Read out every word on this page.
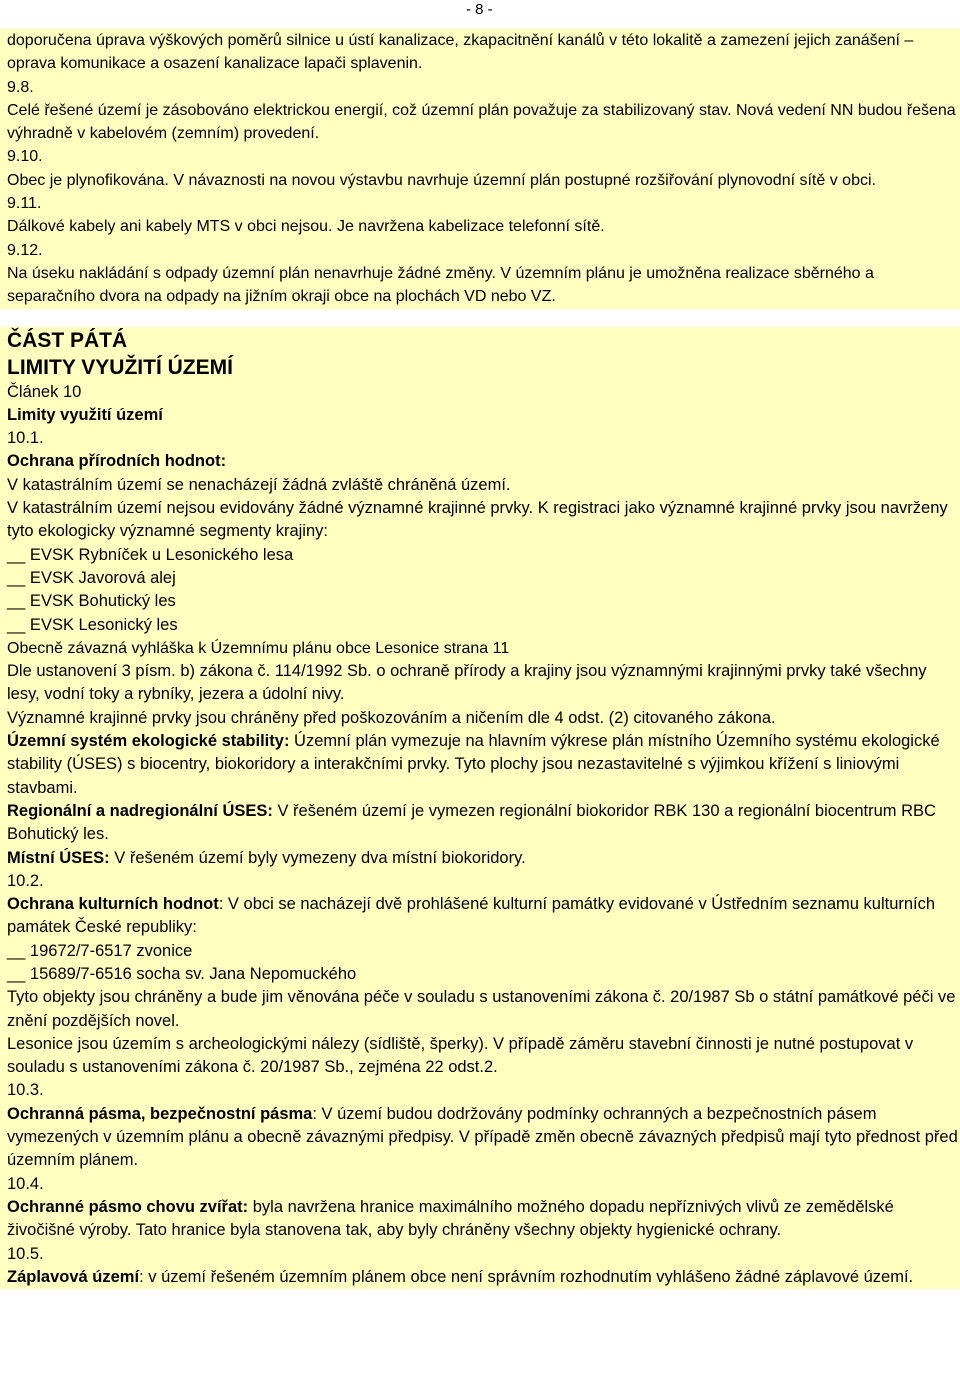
- 8 -
doporučena úprava výškových poměrů silnice u ústí kanalizace, zkapacitnění kanálů v této lokalitě a zamezení jejich zanášení – oprava komunikace a osazení kanalizace lapači splavenin.
9.8.
Celé řešené území je zásobováno elektrickou energií, což územní plán považuje za stabilizovaný stav. Nová vedení NN budou řešena výhradně v kabelovém (zemním) provedení.
9.10.
Obec je plynofikována. V návaznosti na novou výstavbu navrhuje územní plán postupné rozšiřování plynovodní sítě v obci.
9.11.
Dálkové kabely ani kabely MTS v obci nejsou. Je navržena kabelizace telefonní sítě.
9.12.
Na úseku nakládání s odpady územní plán nenavrhuje žádné změny. V územním plánu je umožněna realizace sběrného a separačního dvora na odpady na jižním okraji obce na plochách VD nebo VZ.
ČÁST PÁTÁ
LIMITY VYUŽITÍ ÚZEMÍ
Článek 10
Limity využití území
10.1.
Ochrana přírodních hodnot:
V katastrálním území se nenacházejí žádná zvláště chráněná území.
V katastrálním území nejsou evidovány žádné významné krajinné prvky. K registraci jako významné krajinné prvky jsou navrženy tyto ekologicky významné segmenty krajiny:
__ EVSK Rybníček u Lesonického lesa
__ EVSK Javorová alej
__ EVSK Bohutický les
__ EVSK Lesonický les
Obecně závazná vyhláška k Územnímu plánu obce Lesonice strana 11
Dle ustanovení 3 písm. b) zákona č. 114/1992 Sb. o ochraně přírody a krajiny jsou významnými krajinnými prvky také všechny lesy, vodní toky a rybníky, jezera a údolní nivy.
Významné krajinné prvky jsou chráněny před poškozováním a ničením dle 4 odst. (2) citovaného zákona.
Územní systém ekologické stability: Územní plán vymezuje na hlavním výkrese plán místního Územního systému ekologické stability (ÚSES) s biocentry, biokoridory a interakčními prvky. Tyto plochy jsou nezastavitelné s výjimkou křížení s liniovými stavbami.
Regionální a nadregionální ÚSES: V řešeném území je vymezen regionální biokoridor RBK 130 a regionální biocentrum RBC Bohutický les.
Místní ÚSES: V řešeném území byly vymezeny dva místní biokoridory.
10.2.
Ochrana kulturních hodnot: V obci se nacházejí dvě prohlášené kulturní památky evidované v Ústředním seznamu kulturních památek České republiky:
__ 19672/7-6517 zvonice
__ 15689/7-6516 socha sv. Jana Nepomuckého
Tyto objekty jsou chráněny a bude jim věnována péče v souladu s ustanoveními zákona č. 20/1987 Sb o státní památkové péči ve znění pozdějších novel.
Lesonice jsou územím s archeologickými nálezy (sídliště, šperky). V případě záměru stavební činnosti je nutné postupovat v souladu s ustanoveními zákona č. 20/1987 Sb., zejména 22 odst.2.
10.3.
Ochranná pásma, bezpečnostní pásma: V území budou dodržovány podmínky ochranných a bezpečnostních pásem vymezených v územním plánu a obecně závaznými předpisy. V případě změn obecně závazných předpisů mají tyto přednost před územním plánem.
10.4.
Ochranné pásmo chovu zvířat: byla navržena hranice maximálního možného dopadu nepříznivých vlivů ze zemědělské živočišné výroby. Tato hranice byla stanovena tak, aby byly chráněny všechny objekty hygienické ochrany.
10.5.
Záplavová území: v území řešeném územním plánem obce není správním rozhodnutím vyhlášeno žádné záplavové území.
